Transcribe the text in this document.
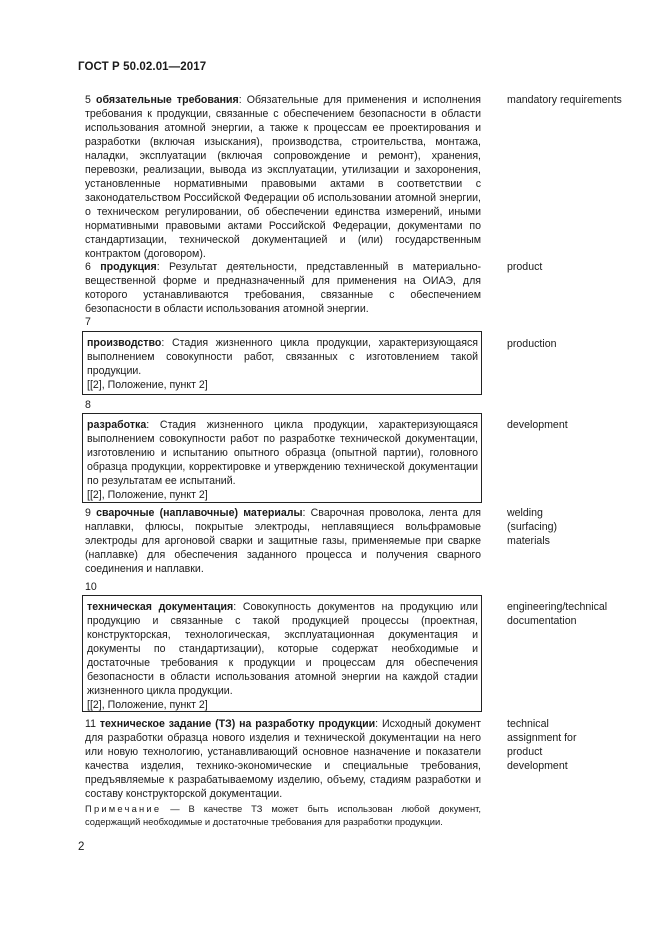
ГОСТ Р 50.02.01—2017

5 обязательные требования: Обязательные для применения и исполнения требования к продукции, связанные с обеспечением безопасности в области использования атомной энергии, а также к процессам ее проектирования и разработки (включая изыскания), производства, строительства, монтажа, наладки, эксплуатации (включая сопровождение и ремонт), хранения, перевозки, реализации, вывода из эксплуатации, утилизации и захоронения, установленные нормативными правовыми актами в соответствии с законодательством Российской Федерации об использовании атомной энергии, о техническом регулировании, об обеспечении единства измерений, иными нормативными правовыми актами Российской Федерации, документами по стандартизации, технической документацией и (или) государственным контрактом (договором).

mandatory requirements

6 продукция: Результат деятельности, представленный в материально-вещественной форме и предназначенный для применения на ОИАЭ, для которого устанавливаются требования, связанные с обеспечением безопасности в области использования атомной энергии.

product
7

производство: Стадия жизненного цикла продукции, характеризующаяся выполнением совокупности работ, связанных с изготовлением такой продукции.
[[2], Положение, пункт 2]

production
8

разработка: Стадия жизненного цикла продукции, характеризующаяся выполнением совокупности работ по разработке технической документации, изготовлению и испытанию опытного образца (опытной партии), головного образца продукции, корректировке и утверждению технической документации по результатам ее испытаний.
[[2], Положение, пункт 2]

development

9 сварочные (наплавочные) материалы: Сварочная проволока, лента для наплавки, флюсы, покрытые электроды, неплавящиеся вольфрамовые электроды для аргоновой сварки и защитные газы, применяемые при сварке (наплавке) для обеспечения заданного процесса и получения сварного соединения и наплавки.

welding (surfacing) materials
10

техническая документация: Совокупность документов на продукцию или продукцию и связанные с такой продукцией процессы (проектная, конструкторская, технологическая, эксплуатационная документация и документы по стандартизации), которые содержат необходимые и достаточные требования к продукции и процессам для обеспечения безопасности в области использования атомной энергии на каждой стадии жизненного цикла продукции.
[[2], Положение, пункт 2]

engineering/technical documentation

11 техническое задание (ТЗ) на разработку продукции: Исходный документ для разработки образца нового изделия и технической документации на него или новую технологию, устанавливающий основное назначение и показатели качества изделия, технико-экономические и специальные требования, предъявляемые к разрабатываемому изделию, объему, стадиям разработки и составу конструкторской документации.

technical assignment for product development
Примечание — В качестве ТЗ может быть использован любой документ, содержащий необходимые и достаточные требования для разработки продукции.
2
